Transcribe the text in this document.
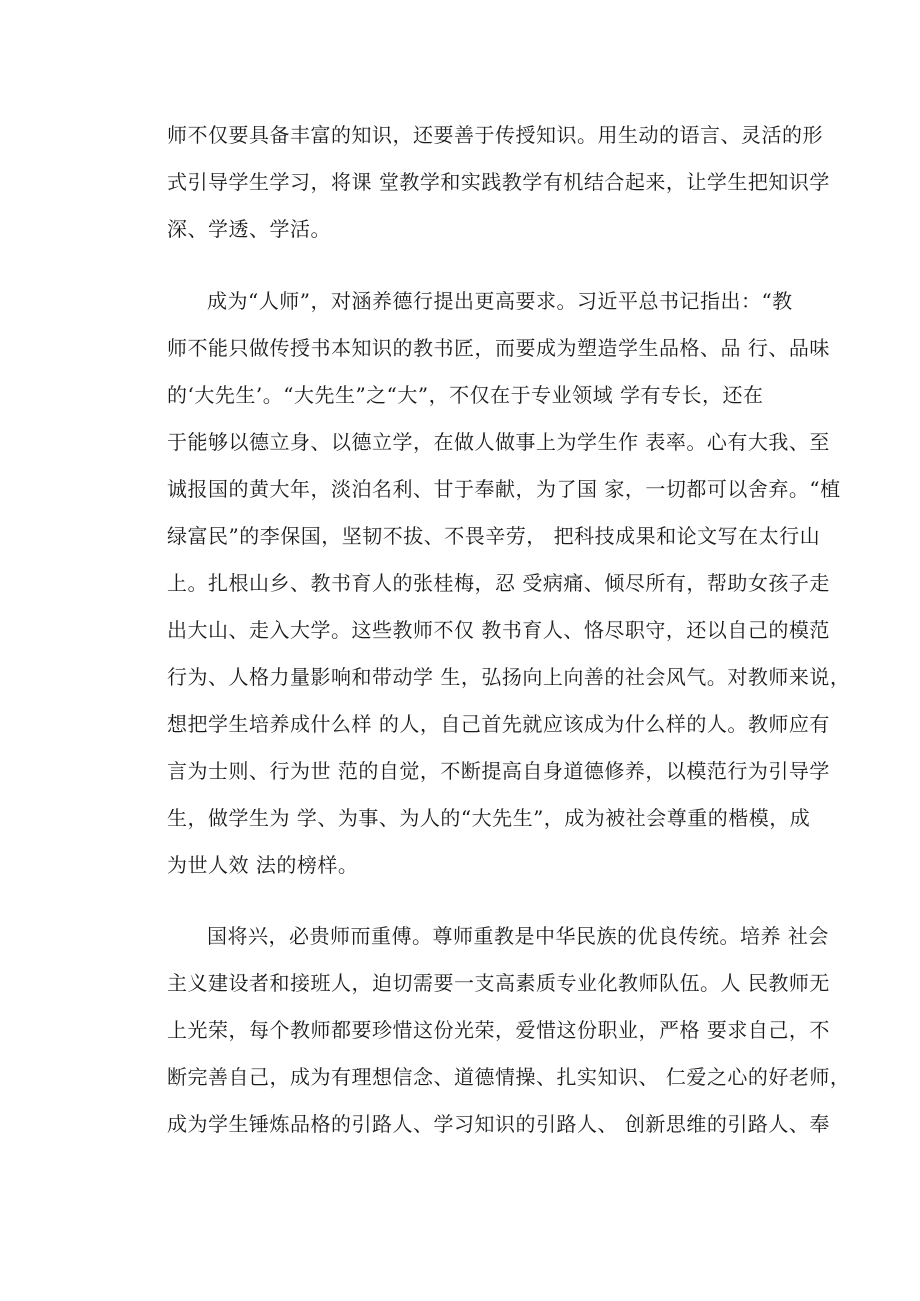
师不仅要具备丰富的知识，还要善于传授知识。用生动的语言、灵活的形
式引导学生学习，将课 堂教学和实践教学有机结合起来，让学生把知识学
深、学透、学活。
成为“人师”，对涵养德行提出更高要求。习近平总书记指出：“教
师不能只做传授书本知识的教书匠，而要成为塑造学生品格、品 行、品味
的‘大先生’。“大先生”之“大”，不仅在于专业领域 学有专长，还在
于能够以德立身、以德立学，在做人做事上为学生作 表率。心有大我、至
诚报国的黄大年，淡泊名利、甘于奉献，为了国 家，一切都可以舍弃。“植
绿富民”的李保国，坚韧不拔、不畏辛劳， 把科技成果和论文写在太行山
上。扎根山乡、教书育人的张桂梅，忍 受病痛、倾尽所有，帮助女孩子走
出大山、走入大学。这些教师不仅 教书育人、恪尽职守，还以自己的模范
行为、人格力量影响和带动学 生，弘扬向上向善的社会风气。对教师来说，
想把学生培养成什么样 的人，自己首先就应该成为什么样的人。教师应有
言为士则、行为世 范的自觉，不断提高自身道德修养，以模范行为引导学
生，做学生为 学、为事、为人的“大先生”，成为被社会尊重的楷模，成
为世人效 法的榜样。
国将兴，必贵师而重傅。尊师重教是中华民族的优良传统。培养 社会
主义建设者和接班人，迫切需要一支高素质专业化教师队伍。人 民教师无
上光荣，每个教师都要珍惜这份光荣，爱惜这份职业，严格 要求自己，不
断完善自己，成为有理想信念、道德情操、扎实知识、 仁爱之心的好老师，
成为学生锤炼品格的引路人、学习知识的引路人、 创新思维的引路人、奉
